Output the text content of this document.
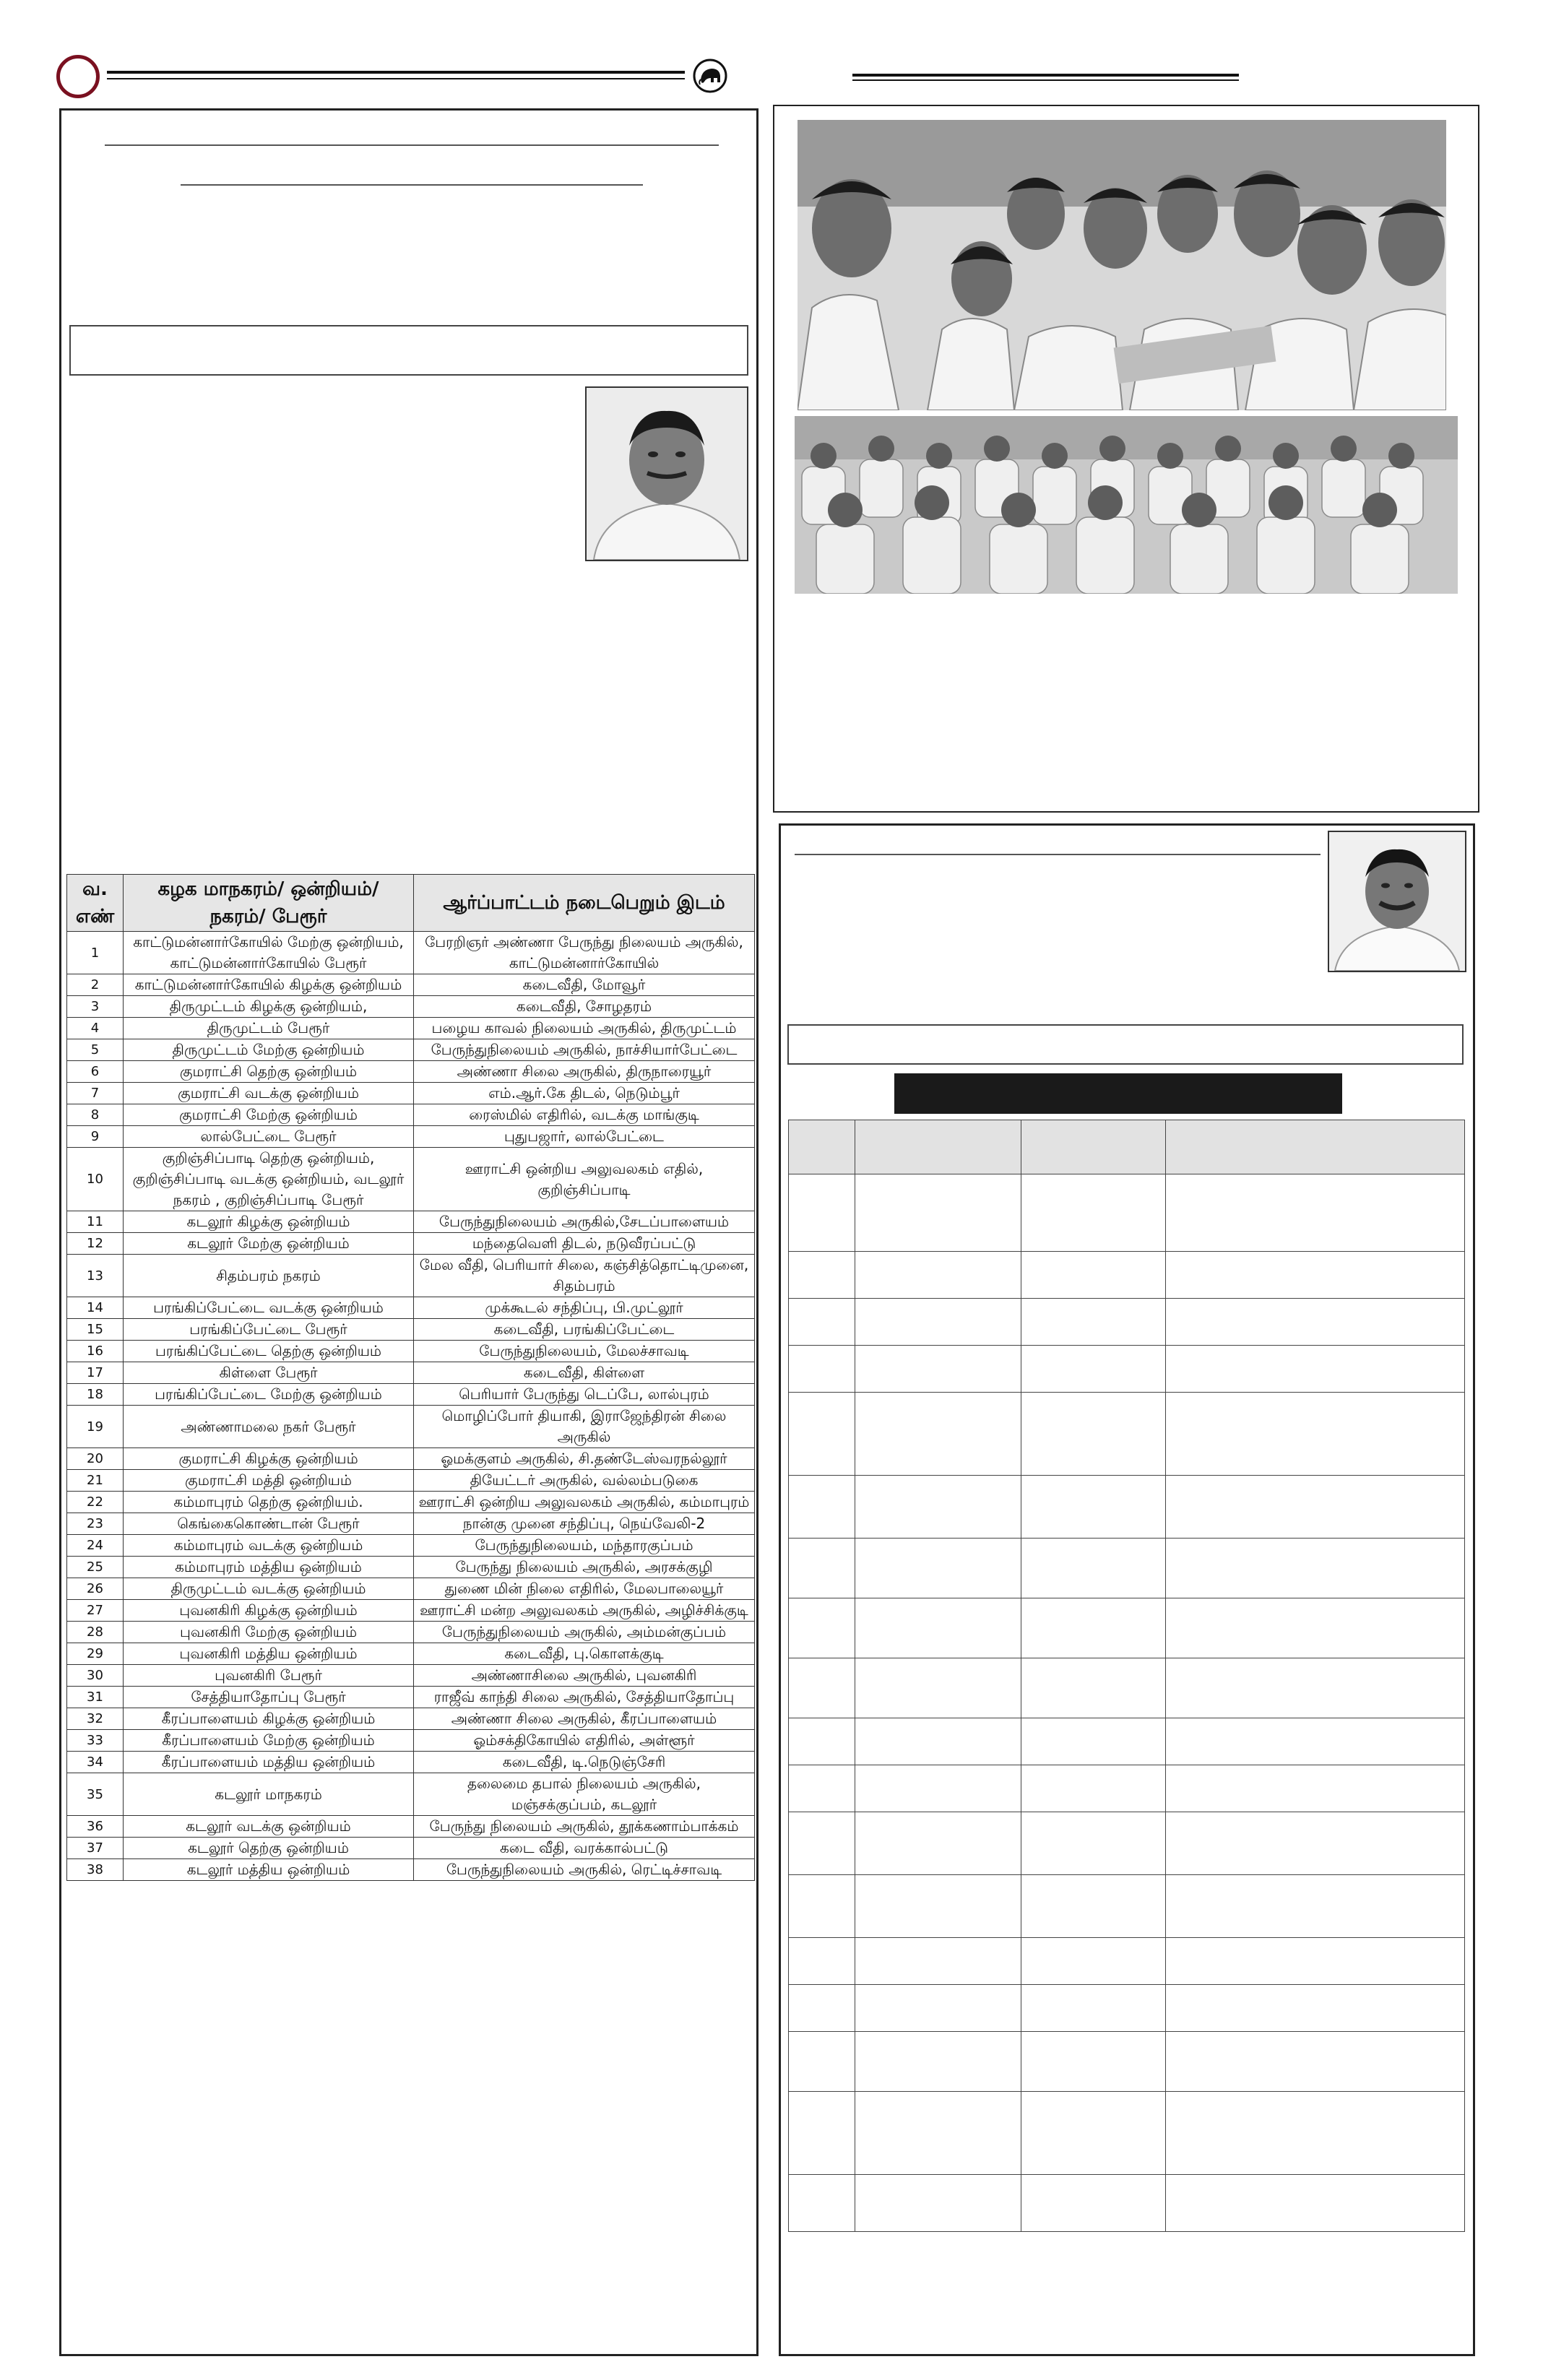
வ. எண்	கழக மாநகரம்/ ஒன்றியம்/ நகரம்/ பேரூர்	ஆர்ப்பாட்டம் நடைபெறும் இடம்
1	காட்டுமன்னார்கோயில் மேற்கு ஒன்றியம், காட்டுமன்னார்கோயில் பேரூர்	பேரறிஞர் அண்ணா பேருந்து நிலையம் அருகில், காட்டுமன்னார்கோயில்
2	காட்டுமன்னார்கோயில் கிழக்கு ஒன்றியம்	கடைவீதி, மோவூர்
3	திருமுட்டம் கிழக்கு ஒன்றியம்,	கடைவீதி, சோழதரம்
4	திருமுட்டம் பேரூர்	பழைய காவல் நிலையம் அருகில், திருமுட்டம்
5	திருமுட்டம் மேற்கு ஒன்றியம்	பேருந்துநிலையம் அருகில், நாச்சியார்பேட்டை
6	குமராட்சி தெற்கு ஒன்றியம்	அண்ணா சிலை அருகில், திருநாரையூர்
7	குமராட்சி வடக்கு ஒன்றியம்	எம்.ஆர்.கே திடல், நெடும்பூர்
8	குமராட்சி மேற்கு ஒன்றியம்	ரைஸ்மில் எதிரில், வடக்கு மாங்குடி
9	லால்பேட்டை பேரூர்	புதுபஜார், லால்பேட்டை
10	குறிஞ்சிப்பாடி தெற்கு ஒன்றியம், குறிஞ்சிப்பாடி வடக்கு ஒன்றியம், வடலூர் நகரம் , குறிஞ்சிப்பாடி பேரூர்	ஊராட்சி ஒன்றிய அலுவலகம் எதில், குறிஞ்சிப்பாடி
11	கடலூர் கிழக்கு ஒன்றியம்	பேருந்துநிலையம் அருகில்,சேடப்பாளையம்
12	கடலூர் மேற்கு ஒன்றியம்	மந்தைவெளி திடல், நடுவீரப்பட்டு
13	சிதம்பரம் நகரம்	மேல வீதி, பெரியார் சிலை, கஞ்சித்தொட்டிமுனை, சிதம்பரம்
14	பரங்கிப்பேட்டை வடக்கு ஒன்றியம்	முக்கூடல் சந்திப்பு, பி.முட்லூர்
15	பரங்கிப்பேட்டை பேரூர்	கடைவீதி, பரங்கிப்பேட்டை
16	பரங்கிப்பேட்டை தெற்கு ஒன்றியம்	பேருந்துநிலையம், மேலச்சாவடி
17	கிள்ளை பேரூர்	கடைவீதி, கிள்ளை
18	பரங்கிப்பேட்டை மேற்கு ஒன்றியம்	பெரியார் பேருந்து டெப்பே, லால்புரம்
19	அண்ணாமலை நகர் பேரூர்	மொழிப்போர் தியாகி, இராஜேந்திரன் சிலை அருகில்
20	குமராட்சி கிழக்கு ஒன்றியம்	ஓமக்குளம் அருகில், சி.தண்டேஸ்வரநல்லூர்
21	குமராட்சி மத்தி ஒன்றியம்	தியேட்டர் அருகில், வல்லம்படுகை
22	கம்மாபுரம் தெற்கு ஒன்றியம்.	ஊராட்சி ஒன்றிய அலுவலகம் அருகில், கம்மாபுரம்
23	கெங்கைகொண்டான் பேரூர்	நான்கு முனை சந்திப்பு, நெய்வேலி-2
24	கம்மாபுரம் வடக்கு ஒன்றியம்	பேருந்துநிலையம், மந்தாரகுப்பம்
25	கம்மாபுரம் மத்திய ஒன்றியம்	பேருந்து நிலையம் அருகில், அரசக்குழி
26	திருமுட்டம் வடக்கு ஒன்றியம்	துணை மின் நிலை எதிரில், மேலபாலையூர்
27	புவனகிரி கிழக்கு ஒன்றியம்	ஊராட்சி மன்ற அலுவலகம் அருகில், அழிச்சிக்குடி
28	புவனகிரி மேற்கு ஒன்றியம்	பேருந்துநிலையம் அருகில், அம்மன்குப்பம்
29	புவனகிரி மத்திய ஒன்றியம்	கடைவீதி, பு.கொளக்குடி
30	புவனகிரி பேரூர்	அண்ணாசிலை அருகில், புவனகிரி
31	சேத்தியாதோப்பு பேரூர்	ராஜீவ் காந்தி சிலை அருகில், சேத்தியாதோப்பு
32	கீரப்பாளையம் கிழக்கு ஒன்றியம்	அண்ணா சிலை அருகில், கீரப்பாளையம்
33	கீரப்பாளையம் மேற்கு ஒன்றியம்	ஓம்சக்திகோயில் எதிரில், அள்ளூர்
34	கீரப்பாளையம் மத்திய ஒன்றியம்	கடைவீதி, டி.நெடுஞ்சேரி
35	கடலூர் மாநகரம்	தலைமை தபால் நிலையம் அருகில், மஞ்சக்குப்பம், கடலூர்
36	கடலூர் வடக்கு ஒன்றியம்	பேருந்து நிலையம் அருகில், தூக்கணாம்பாக்கம்
37	கடலூர் தெற்கு ஒன்றியம்	கடை வீதி, வரக்கால்பட்டு
38	கடலூர் மத்திய ஒன்றியம்	பேருந்துநிலையம் அருகில், ரெட்டிச்சாவடி
